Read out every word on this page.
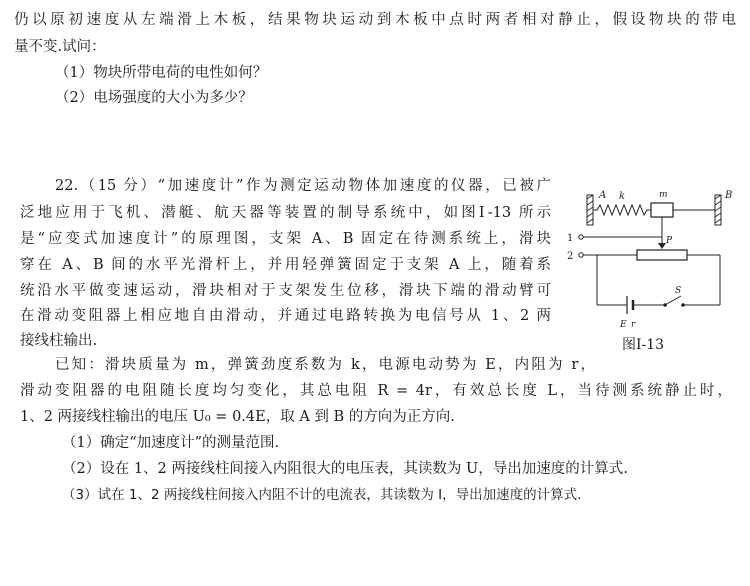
仍以原初速度从左端滑上木板，结果物块运动到木板中点时两者相对静止，假设物块的带电
量不变.试问：
（1）物块所带电荷的电性如何？
（2）电场强度的大小为多少？
22.（15 分）“加速度计”作为测定运动物体加速度的仪器，已被广
泛地应用于飞机、潜艇、航天器等装置的制导系统中，如图Ⅰ-13 所示
是“应变式加速度计”的原理图，支架 A、B 固定在待测系统上，滑块
穿在 A、B 间的水平光滑杆上，并用轻弹簧固定于支架 A 上，随着系
统沿水平做变速运动，滑块相对于支架发生位移，滑块下端的滑动臂可
在滑动变阻器上相应地自由滑动，并通过电路转换为电信号从 1、2 两
接线柱输出.
已知：滑块质量为 m，弹簧劲度系数为 k，电源电动势为 E，内阻为 r，
滑动变阻器的电阻随长度均匀变化，其总电阻 R = 4r，有效总长度 L，当待测系统静止时，
1、2 两接线柱输出的电压 U₀ = 0.4E，取 A 到 B 的方向为正方向.
（1）确定“加速度计”的测量范围.
（2）设在 1、2 两接线柱间接入内阻很大的电压表，其读数为 U，导出加速度的计算式.
（3）试在 1、2 两接线柱间接入内阻不计的电流表，其读数为 I，导出加速度的计算式.
A	B
k	m
P
1
2
E r
S
图Ⅰ-13
